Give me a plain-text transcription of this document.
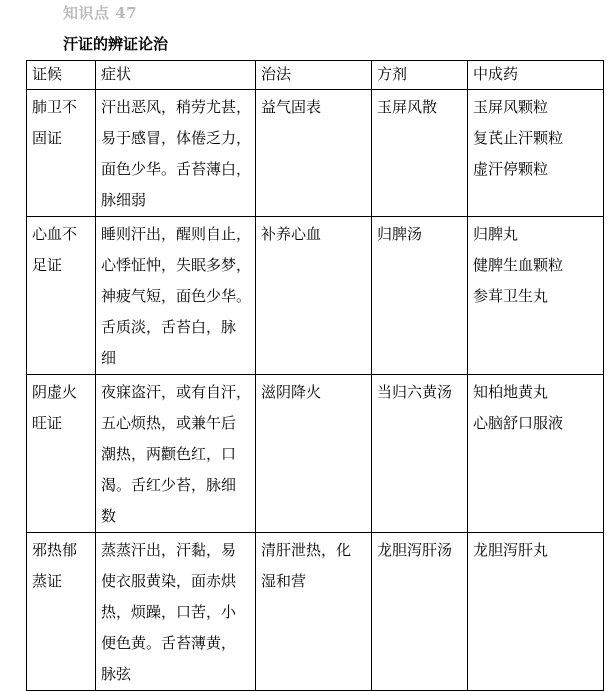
知识点 47
汗证的辨证论治
证候	症状	治法	方剂	中成药

肺卫不
固证	汗出恶风，稍劳尤甚，
易于感冒，体倦乏力，
面色少华。舌苔薄白，
脉细弱	益气固表	玉屏风散	玉屏风颗粒
复芪止汗颗粒
虚汗停颗粒

心血不
足证	睡则汗出，醒则自止，
心悸怔忡，失眠多梦，
神疲气短，面色少华。
舌质淡，舌苔白，脉
细	补养心血	归脾汤	归脾丸
健脾生血颗粒
参茸卫生丸

阴虚火
旺证	夜寐盗汗，或有自汗，
五心烦热，或兼午后
潮热，两颧色红，口
渴。舌红少苔，脉细
数	滋阴降火	当归六黄汤	知柏地黄丸
心脑舒口服液

邪热郁
蒸证	蒸蒸汗出，汗黏，易
使衣服黄染，面赤烘
热，烦躁，口苦，小
便色黄。舌苔薄黄，
脉弦	清肝泄热，化
湿和营	龙胆泻肝汤	龙胆泻肝丸
